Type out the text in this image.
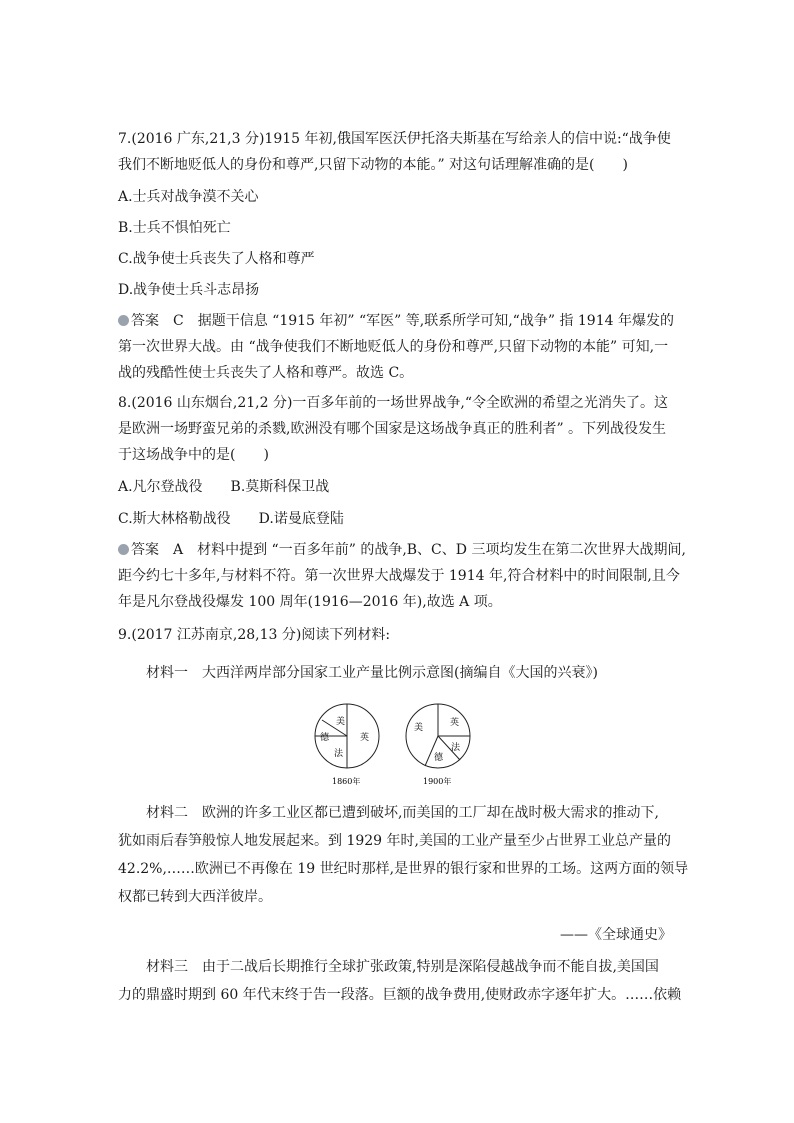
7.(2016 广东,21,3 分)1915 年初,俄国军医沃伊托洛夫斯基在写给亲人的信中说:“战争使
我们不断地贬低人的身份和尊严,只留下动物的本能。” 对这句话理解准确的是(　　)
A.士兵对战争漠不关心
B.士兵不惧怕死亡
C.战争使士兵丧失了人格和尊严
D.战争使士兵斗志昂扬
答案　C　据题干信息 “1915 年初” “军医” 等,联系所学可知,“战争” 指 1914 年爆发的
第一次世界大战。由 “战争使我们不断地贬低人的身份和尊严,只留下动物的本能” 可知,一
战的残酷性使士兵丧失了人格和尊严。故选 C。
8.(2016 山东烟台,21,2 分)一百多年前的一场世界战争,“令全欧洲的希望之光消失了。这
是欧洲一场野蛮兄弟的杀戮,欧洲没有哪个国家是这场战争真正的胜利者” 。下列战役发生
于这场战争中的是(　　)
A.凡尔登战役　　B.莫斯科保卫战
C.斯大林格勒战役　　D.诺曼底登陆
答案　A　材料中提到 “一百多年前” 的战争,B、C、D 三项均发生在第二次世界大战期间,
距今约七十多年,与材料不符。第一次世界大战爆发于 1914 年,符合材料中的时间限制,且今
年是凡尔登战役爆发 100 周年(1916—2016 年),故选 A 项。
9.(2017 江苏南京,28,13 分)阅读下列材料:
材料一　大西洋两岸部分国家工业产量比例示意图(摘编自《大国的兴衰》)
美
德
法
英
1860年
美	英
法
德
1900年
材料二　欧洲的许多工业区都已遭到破坏,而美国的工厂却在战时极大需求的推动下,
犹如雨后春笋般惊人地发展起来。到 1929 年时,美国的工业产量至少占世界工业总产量的
42.2%,……欧洲已不再像在 19 世纪时那样,是世界的银行家和世界的工场。这两方面的领导
权都已转到大西洋彼岸。
——《全球通史》
材料三　由于二战后长期推行全球扩张政策,特别是深陷侵越战争而不能自拔,美国国
力的鼎盛时期到 60 年代末终于告一段落。巨额的战争费用,使财政赤字逐年扩大。……依赖
